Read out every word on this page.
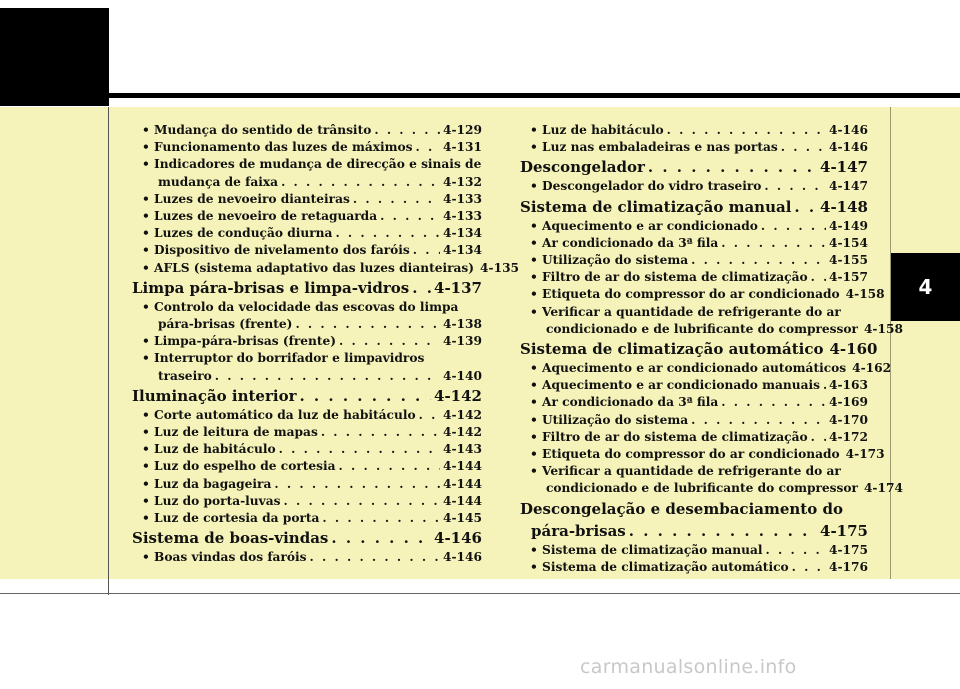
4
• Mudança do sentido de trânsito . . .	4-129
• Funcionamento das luzes de máximos . . . 4-131
• Indicadores de mudança de direcção e sinais de
mudança de faixa . . .	4-132
• Luzes de nevoeiro dianteiras . . .	4-133
• Luzes de nevoeiro de retaguarda . . .	4-133
• Luzes de condução diurna . . .	4-134
• Dispositivo de nivelamento dos faróis . . .	4-134
• AFLS (sistema adaptativo das luzes dianteiras) 4-135
Limpa pára-brisas e limpa-vidros . . . 4-137
• Controlo da velocidade das escovas do limpa
pára-brisas (frente) . . .	4-138
• Limpa-pára-brisas (frente) . . .	4-139
• Interruptor do borrifador e limpavidros
traseiro . . .	4-140
Iluminação interior . . .	4-142
• Corte automático da luz de habitáculo . . . 4-142
• Luz de leitura de mapas . . .	4-142
• Luz de habitáculo . . .	4-143
• Luz do espelho de cortesia . . .	4-144
• Luz da bagageira . . .	4-144
• Luz do porta-luvas . . .	4-144
• Luz de cortesia da porta . . .	4-145
Sistema de boas-vindas . . .	4-146
• Boas vindas dos faróis . . .	4-146
• Luz de habitáculo . . .	4-146
• Luz nas embaladeiras e nas portas . . .	4-146
Descongelador . . .	4-147
• Descongelador do vidro traseiro . . .	4-147
Sistema de climatização manual . . . 4-148
• Aquecimento e ar condicionado . . .	4-149
• Ar condicionado da 3ª fila . . .	4-154
• Utilização do sistema . . .	4-155
• Filtro de ar do sistema de climatização . . . 4-157
• Etiqueta do compressor do ar condicionado 4-158
• Verificar a quantidade de refrigerante do ar
condicionado e de lubrificante do compressor 4-158
Sistema de climatização automático 4-160
• Aquecimento e ar condicionado automáticos 4-162
• Aquecimento e ar condicionado manuais . . . 4-163
• Ar condicionado da 3ª fila . . .	4-169
• Utilização do sistema . . .	4-170
• Filtro de ar do sistema de climatização . . . 4-172
• Etiqueta do compressor do ar condicionado 4-173
• Verificar a quantidade de refrigerante do ar
condicionado e de lubrificante do compressor 4-174
Descongelação e desembaciamento do
pára-brisas . . .	4-175
• Sistema de climatização manual . . .	4-175
• Sistema de climatização automático . . .	4-176
carmanualsonline.info
